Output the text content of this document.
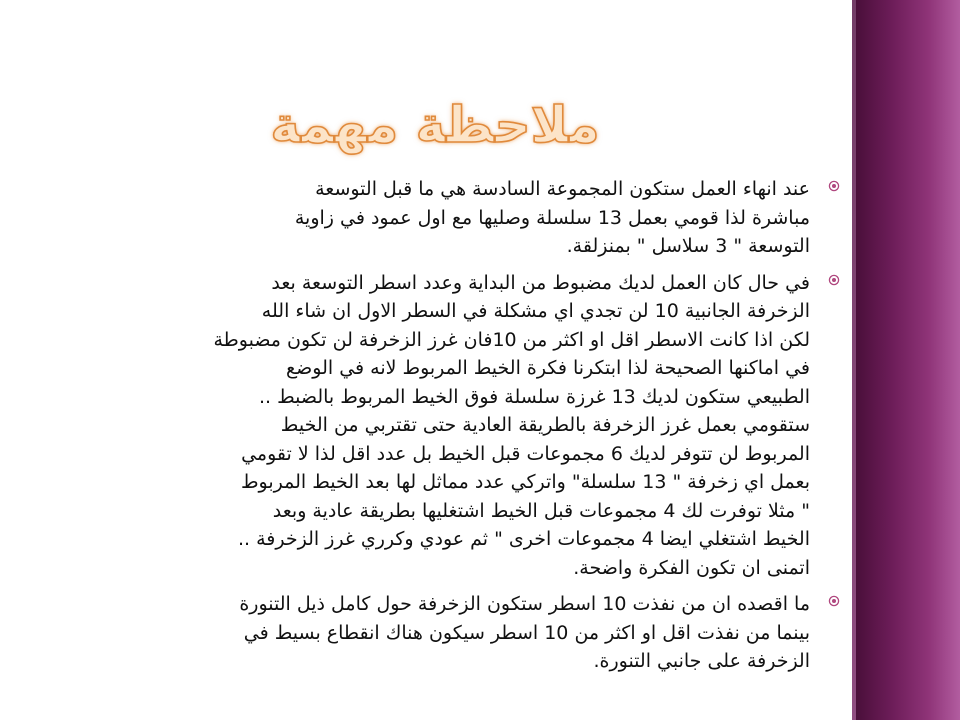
ملاحظة مهمة
عند انهاء العمل ستكون المجموعة السادسة هي ما قبل التوسعة
مباشرة لذا قومي بعمل 13 سلسلة وصليها مع اول عمود في زاوية
التوسعة " 3 سلاسل " بمنزلقة.
في حال كان العمل لديك مضبوط من البداية وعدد اسطر التوسعة بعد
الزخرفة الجانبية 10 لن تجدي اي مشكلة في السطر الاول ان شاء الله
لكن اذا كانت الاسطر اقل او اكثر من 10فان غرز الزخرفة لن تكون مضبوطة
في اماكنها الصحيحة لذا ابتكرنا فكرة الخيط المربوط لانه في الوضع
الطبيعي ستكون لديك 13 غرزة سلسلة فوق الخيط المربوط بالضبط ..
ستقومي بعمل غرز الزخرفة بالطريقة العادية حتى تقتربي من الخيط
المربوط لن تتوفر لديك 6 مجموعات قبل الخيط بل عدد اقل لذا لا تقومي
بعمل اي زخرفة " 13 سلسلة" واتركي عدد مماثل لها بعد الخيط المربوط
" مثلا توفرت لك 4 مجموعات قبل الخيط اشتغليها بطريقة عادية وبعد
الخيط اشتغلي ايضا 4 مجموعات اخرى " ثم عودي وكرري غرز الزخرفة ..
اتمنى ان تكون الفكرة واضحة.
ما اقصده ان من نفذت 10 اسطر ستكون الزخرفة حول كامل ذيل التنورة
بينما من نفذت اقل او اكثر من 10 اسطر سيكون هناك انقطاع بسيط في
الزخرفة على جانبي التنورة.
